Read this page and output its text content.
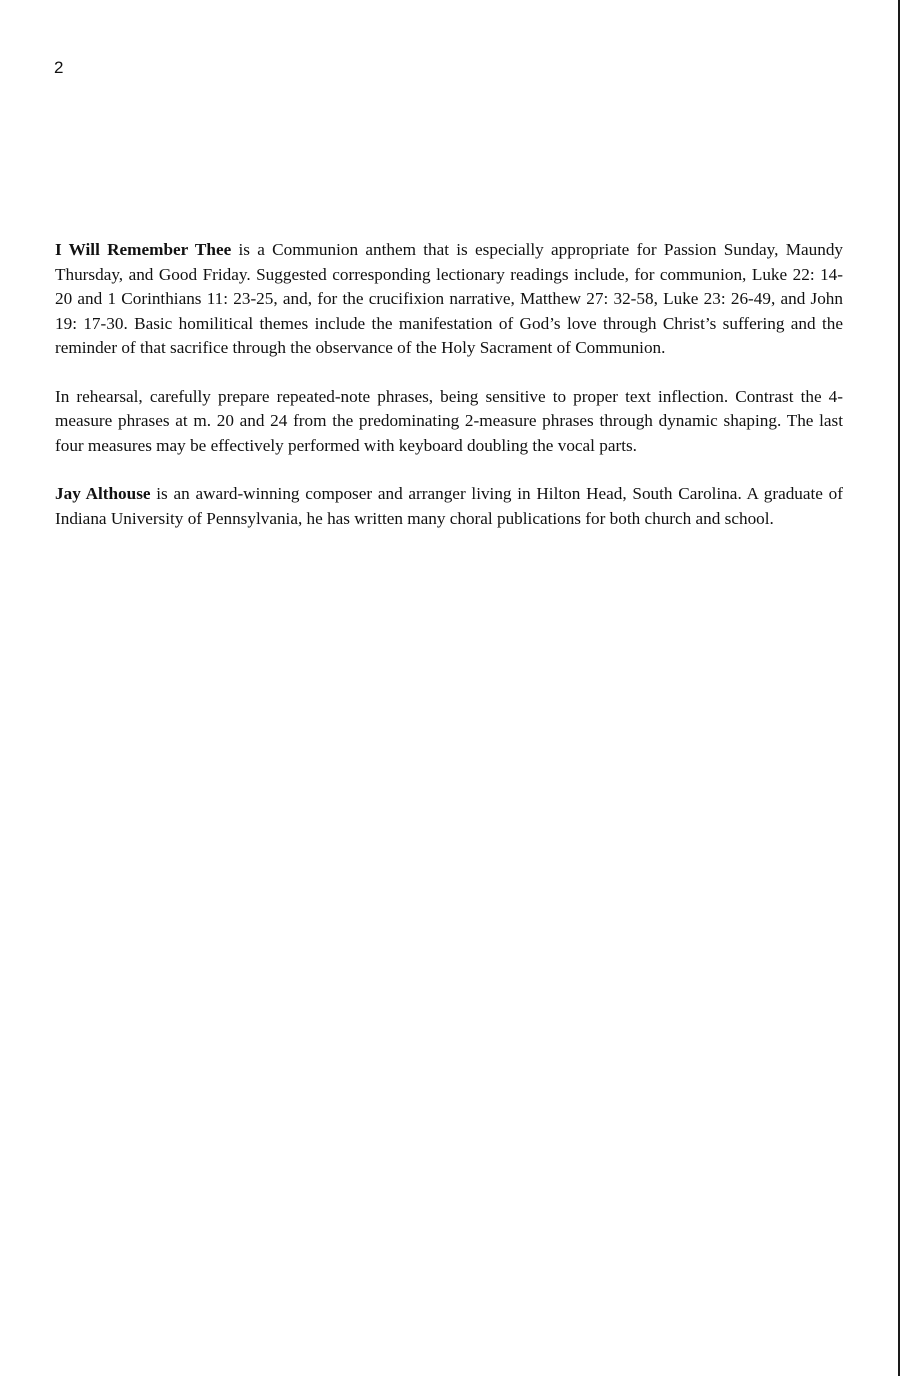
2

I Will Remember Thee is a Communion anthem that is especially appropriate for Passion Sunday, Maundy Thursday, and Good Friday. Suggested corresponding lectionary readings include, for communion, Luke 22: 14-20 and 1 Corinthians 11: 23-25, and, for the crucifixion narrative, Matthew 27: 32-58, Luke 23: 26-49, and John 19: 17-30. Basic homilitical themes include the manifestation of God’s love through Christ’s suffering and the reminder of that sacrifice through the observance of the Holy Sacrament of Communion.

In rehearsal, carefully prepare repeated-note phrases, being sensitive to proper text inflection. Contrast the 4-measure phrases at m. 20 and 24 from the predominating 2-measure phrases through dynamic shaping. The last four measures may be effectively performed with keyboard doubling the vocal parts.

Jay Althouse is an award-winning composer and arranger living in Hilton Head, South Carolina. A graduate of Indiana University of Pennsylvania, he has written many choral publications for both church and school.
